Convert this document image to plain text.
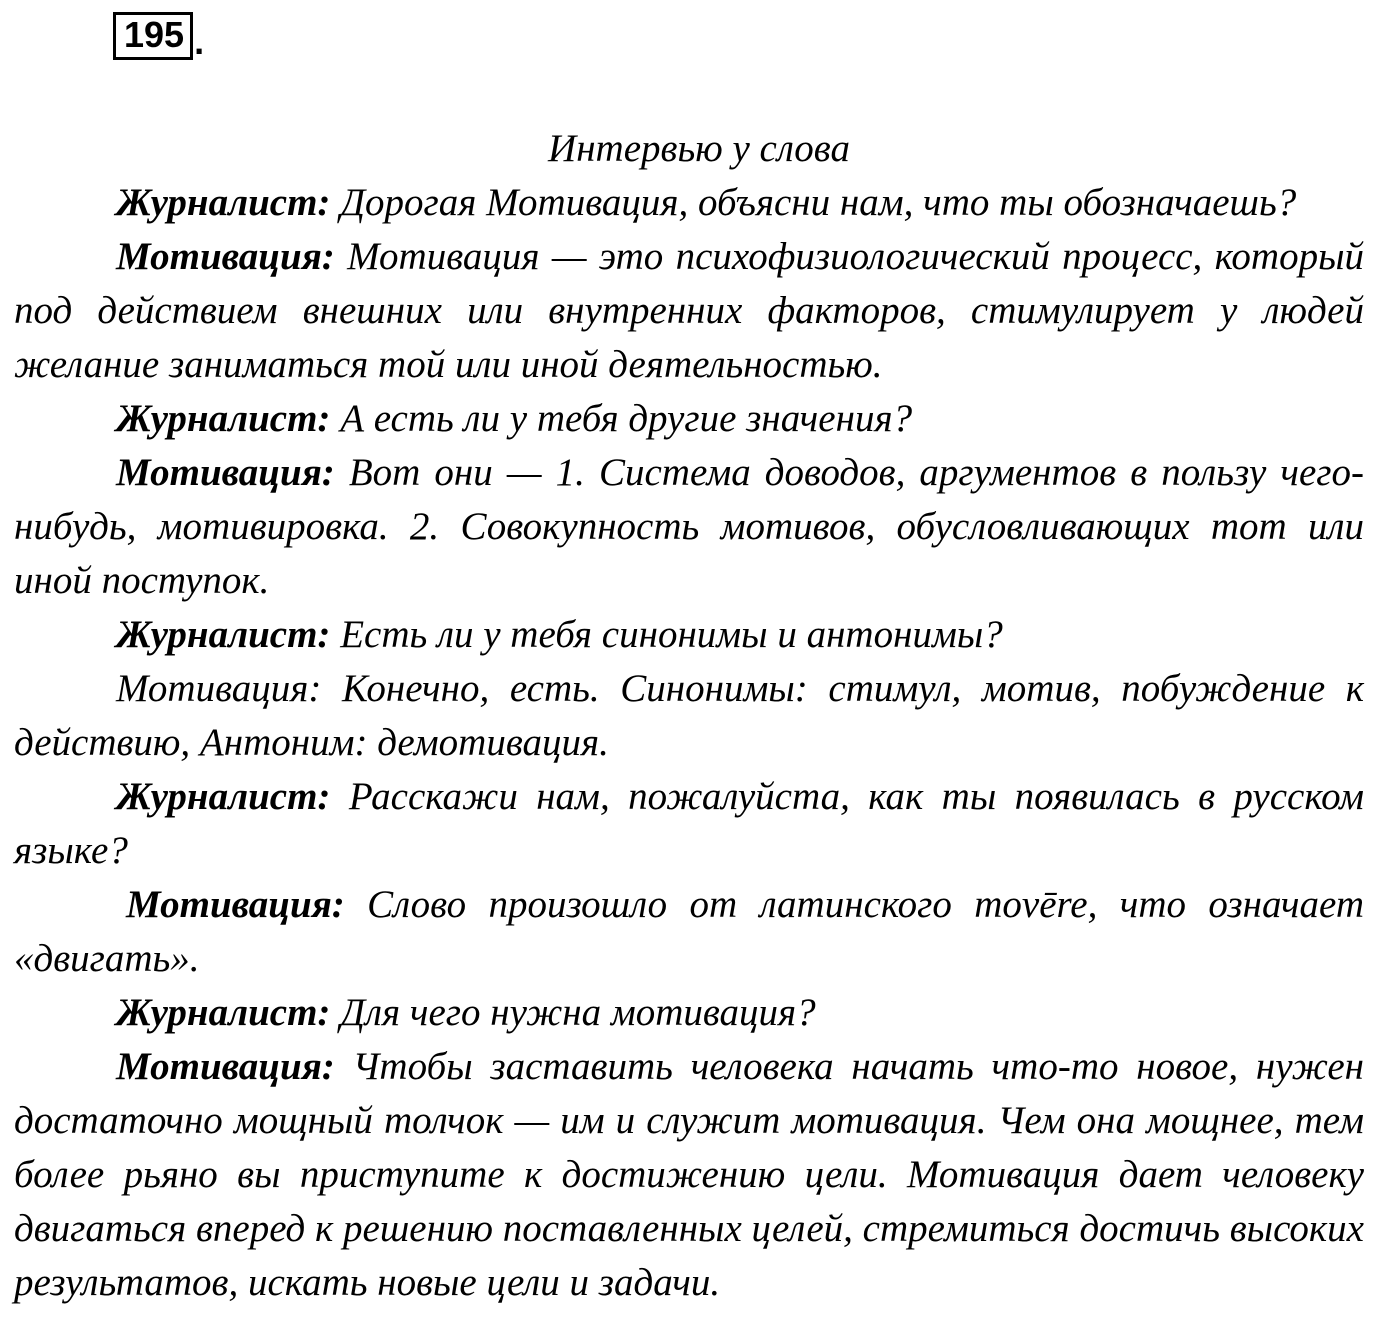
195 .

Интервью у слова

Журналист: Дорогая Мотивация, объясни нам, что ты обозначаешь?

Мотивация: Мотивация — это психофизиологический процесс, который под действием внешних или внутренних факторов, стимулирует у людей желание заниматься той или иной деятельностью.

Журналист: А есть ли у тебя другие значения?

Мотивация: Вот они — 1. Система доводов, аргументов в пользу чего-нибудь, мотивировка. 2. Совокупность мотивов, обусловливающих тот или иной поступок.

Журналист: Есть ли у тебя синонимы и антонимы?

Мотивация: Конечно, есть. Синонимы: стимул, мотив, побуждение к действию, Антоним: демотивация.

Журналист: Расскажи нам, пожалуйста, как ты появилась в русском языке?

Мотивация: Слово произошло от латинского movēre, что означает «двигать».

Журналист: Для чего нужна мотивация?

Мотивация: Чтобы заставить человека начать что-то новое, нужен достаточно мощный толчок — им и служит мотивация. Чем она мощнее, тем более рьяно вы приступите к достижению цели. Мотивация дает человеку двигаться вперед к решению поставленных целей, стремиться достичь высоких результатов, искать новые цели и задачи.
